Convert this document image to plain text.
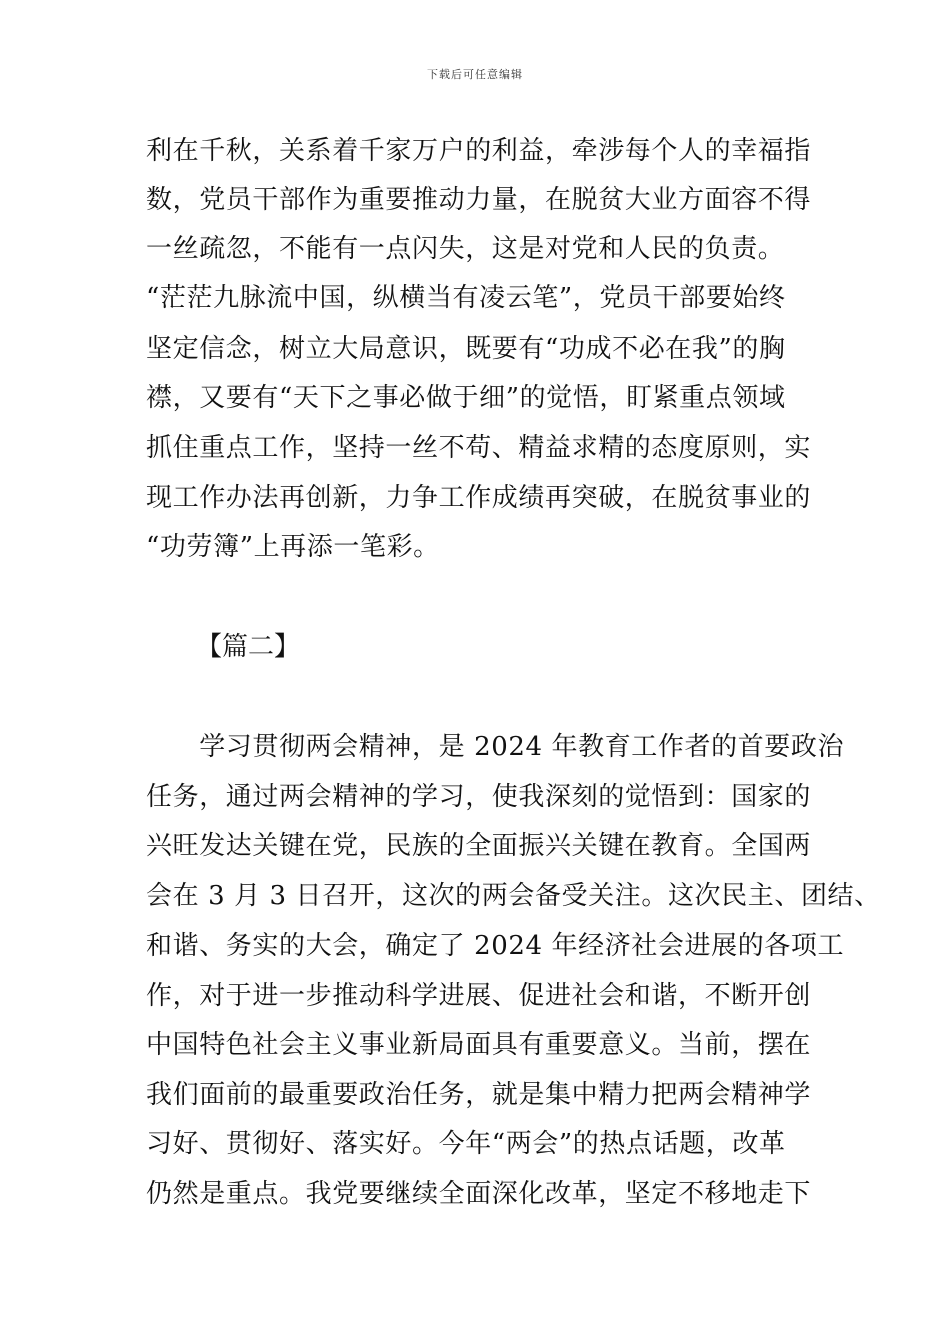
下载后可任意编辑
利在千秋，关系着千家万户的利益，牵涉每个人的幸福指
数，党员干部作为重要推动力量，在脱贫大业方面容不得
一丝疏忽，不能有一点闪失，这是对党和人民的负责。
“茫茫九脉流中国，纵横当有凌云笔”，党员干部要始终
坚定信念，树立大局意识，既要有“功成不必在我”的胸
襟，又要有“天下之事必做于细”的觉悟，盯紧重点领域
抓住重点工作，坚持一丝不苟、精益求精的态度原则，实
现工作办法再创新，力争工作成绩再突破，在脱贫事业的
“功劳簿”上再添一笔彩。
【篇二】
　　学习贯彻两会精神，是 2024 年教育工作者的首要政治
任务，通过两会精神的学习，使我深刻的觉悟到：国家的
兴旺发达关键在党，民族的全面振兴关键在教育。全国两
会在 3 月 3 日召开，这次的两会备受关注。这次民主、团结、
和谐、务实的大会，确定了 2024 年经济社会进展的各项工
作，对于进一步推动科学进展、促进社会和谐，不断开创
中国特色社会主义事业新局面具有重要意义。当前，摆在
我们面前的最重要政治任务，就是集中精力把两会精神学
习好、贯彻好、落实好。今年“两会”的热点话题，改革
仍然是重点。我党要继续全面深化改革，坚定不移地走下
